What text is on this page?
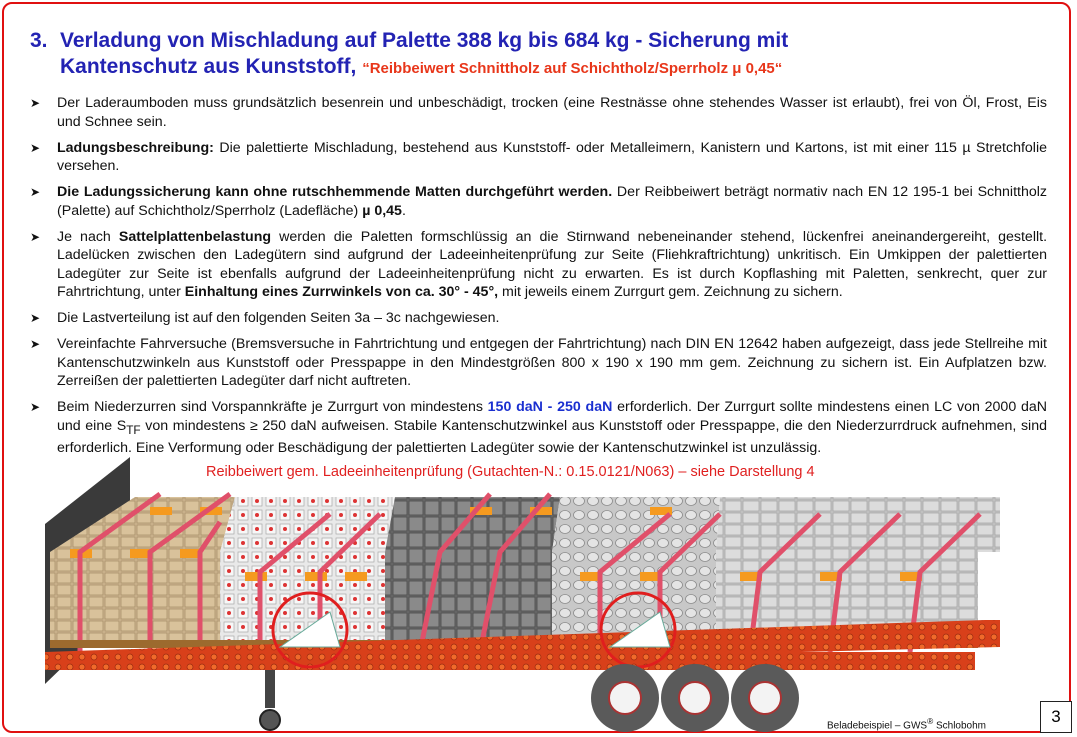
3. Verladung von Mischladung auf Palette 388 kg bis 684 kg - Sicherung mit
Kantenschutz aus Kunststoff, “Reibbeiwert Schnittholz auf Schichtholz/Sperrholz μ 0,45“
➤ Der Laderaumboden muss grundsätzlich besenrein und unbeschädigt, trocken (eine Restnässe ohne stehendes Wasser ist erlaubt), frei von Öl, Frost, Eis und Schnee sein.
➤ Ladungsbeschreibung: Die palettierte Mischladung, bestehend aus Kunststoff- oder Metalleimern, Kanistern und Kartons, ist mit einer 115 µ Stretchfolie versehen.
➤ Die Ladungssicherung kann ohne rutschhemmende Matten durchgeführt werden. Der Reibbeiwert beträgt normativ nach EN 12 195-1 bei Schnittholz (Palette) auf Schichtholz/Sperrholz (Ladefläche) µ 0,45.
➤ Je nach Sattelplattenbelastung werden die Paletten formschlüssig an die Stirnwand nebeneinander stehend, lückenfrei aneinandergereiht, gestellt. Ladelücken zwischen den Ladegütern sind aufgrund der Ladeeinheitenprüfung zur Seite (Fliehkraftrichtung) unkritisch. Ein Umkippen der palettierten Ladegüter zur Seite ist ebenfalls aufgrund der Ladeeinheitenprüfung nicht zu erwarten. Es ist durch Kopflashing mit Paletten, senkrecht, quer zur Fahrtrichtung, unter Einhaltung eines Zurrwinkels von ca. 30° - 45°, mit jeweils einem Zurrgurt gem. Zeichnung zu sichern.
➤ Die Lastverteilung ist auf den folgenden Seiten 3a – 3c nachgewiesen.
➤ Vereinfachte Fahrversuche (Bremsversuche in Fahrtrichtung und entgegen der Fahrtrichtung) nach DIN EN 12642 haben aufgezeigt, dass jede Stellreihe mit Kantenschutzwinkeln aus Kunststoff oder Presspappe in den Mindestgrößen 800 x 190 x 190 mm gem. Zeichnung zu sichern ist. Ein Aufplatzen bzw. Zerreißen der palettierten Ladegüter darf nicht auftreten.
➤ Beim Niederzurren sind Vorspannkräfte je Zurrgurt von mindestens 150 daN - 250 daN erforderlich. Der Zurrgurt sollte mindestens einen LC von 2000 daN und eine $S_{TF}$ von mindestens ≥ 250 daN aufweisen. Stabile Kantenschutzwinkel aus Kunststoff oder Presspappe, die den Niederzurrdruck aufnehmen, sind erforderlich. Eine Verformung oder Beschädigung der palettierten Ladegüter sowie der Kantenschutzwinkel ist unzulässig.
Reibbeiwert gem. Ladeeinheitenprüfung (Gutachten-N.: 0.15.0121/N063) – siehe Darstellung 4
Beladebeispiel – GWS® Schlobohm	3
